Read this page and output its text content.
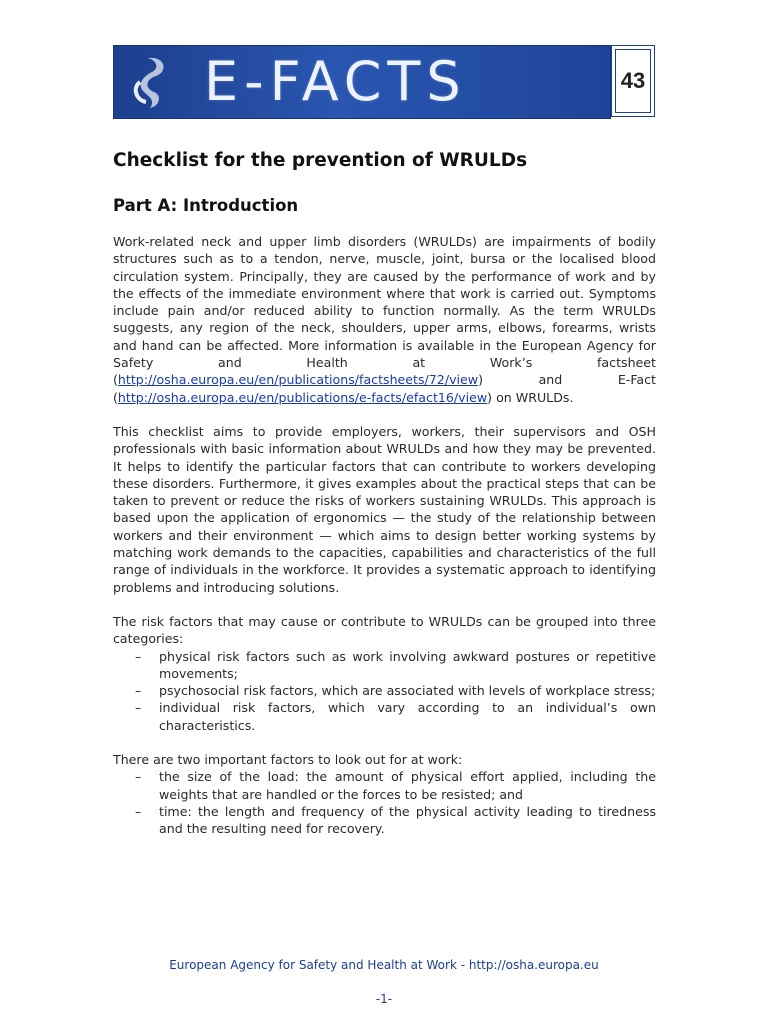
E-FACTS	43
Checklist for the prevention of WRULDs
Part A: Introduction

Work-related neck and upper limb disorders (WRULDs) are impairments of bodily structures such as to a tendon, nerve, muscle, joint, bursa or the localised blood circulation system. Principally, they are caused by the performance of work and by the effects of the immediate environment where that work is carried out. Symptoms include pain and/or reduced ability to function normally. As the term WRULDs suggests, any region of the neck, shoulders, upper arms, elbows, forearms, wrists and hand can be affected. More information is available in the European Agency for Safety and Health at Work’s factsheet (http://osha.europa.eu/en/publications/factsheets/72/view) and E-Fact (http://osha.europa.eu/en/publications/e-facts/efact16/view) on WRULDs.

This checklist aims to provide employers, workers, their supervisors and OSH professionals with basic information about WRULDs and how they may be prevented. It helps to identify the particular factors that can contribute to workers developing these disorders. Furthermore, it gives examples about the practical steps that can be taken to prevent or reduce the risks of workers sustaining WRULDs. This approach is based upon the application of ergonomics — the study of the relationship between workers and their environment — which aims to design better working systems by matching work demands to the capacities, capabilities and characteristics of the full range of individuals in the workforce. It provides a systematic approach to identifying problems and introducing solutions.

The risk factors that may cause or contribute to WRULDs can be grouped into three categories:

– physical risk factors such as work involving awkward postures or repetitive movements;
– psychosocial risk factors, which are associated with levels of workplace stress;
– individual risk factors, which vary according to an individual’s own characteristics.

There are two important factors to look out for at work:

– the size of the load: the amount of physical effort applied, including the weights that are handled or the forces to be resisted; and
– time: the length and frequency of the physical activity leading to tiredness and the resulting need for recovery.
European Agency for Safety and Health at Work - http://osha.europa.eu
-1-
